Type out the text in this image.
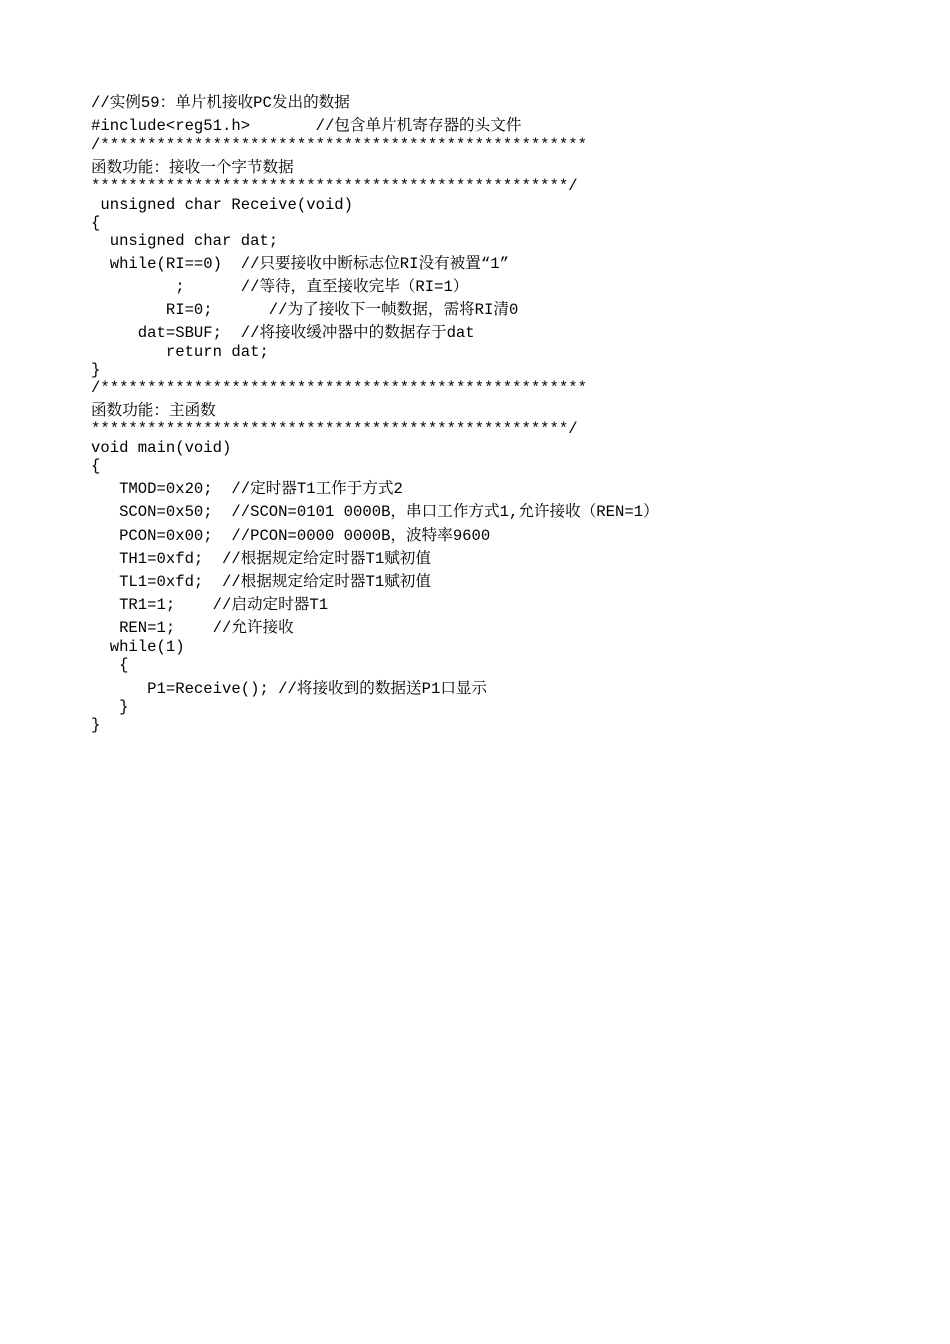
//实例59：单片机接收PC发出的数据
#include<reg51.h>       //包含单片机寄存器的头文件
/****************************************************
函数功能：接收一个字节数据
***************************************************/
unsigned char Receive(void)
{
unsigned char dat;
while(RI==0)  //只要接收中断标志位RI没有被置“1”
;      //等待，直至接收完毕（RI=1）
RI=0;      //为了接收下一帧数据，需将RI清0
dat=SBUF;  //将接收缓冲器中的数据存于dat
return dat;
}
/****************************************************
函数功能：主函数
***************************************************/
void main(void)
{
TMOD=0x20;  //定时器T1工作于方式2
SCON=0x50;  //SCON=0101 0000B，串口工作方式1,允许接收（REN=1）
PCON=0x00;  //PCON=0000 0000B，波特率9600
TH1=0xfd;  //根据规定给定时器T1赋初值
TL1=0xfd;  //根据规定给定时器T1赋初值
TR1=1;    //启动定时器T1
REN=1;    //允许接收
while(1)
{
P1=Receive(); //将接收到的数据送P1口显示
}
}
